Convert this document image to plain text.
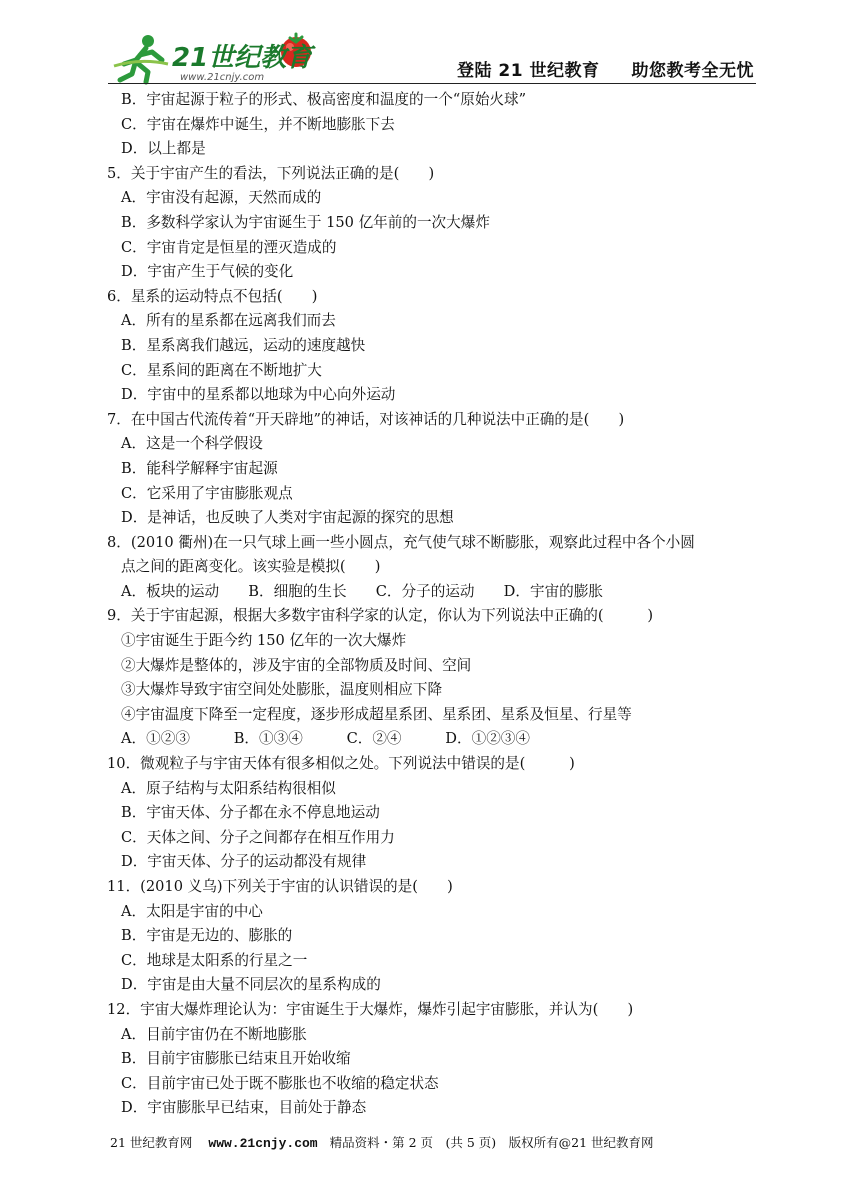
21世纪教育
www.21cnjy.com	登陆 21 世纪教育 助您教考全无忧
B．宇宙起源于粒子的形式、极高密度和温度的一个“原始火球”
C．宇宙在爆炸中诞生，并不断地膨胀下去
D．以上都是
5．关于宇宙产生的看法，下列说法正确的是(　　)
A．宇宙没有起源，天然而成的
B．多数科学家认为宇宙诞生于 150 亿年前的一次大爆炸
C．宇宙肯定是恒星的湮灭造成的
D．宇宙产生于气候的变化
6．星系的运动特点不包括(　　)
A．所有的星系都在远离我们而去
B．星系离我们越远，运动的速度越快
C．星系间的距离在不断地扩大
D．宇宙中的星系都以地球为中心向外运动
7．在中国古代流传着“开天辟地”的神话，对该神话的几种说法中正确的是(　　)
A．这是一个科学假设
B．能科学解释宇宙起源
C．它采用了宇宙膨胀观点
D．是神话，也反映了人类对宇宙起源的探究的思想
8．(2010 衢州)在一只气球上画一些小圆点，充气使气球不断膨胀，观察此过程中各个小圆
点之间的距离变化。该实验是模拟(　　)
A．板块的运动　　B．细胞的生长　　C．分子的运动　　D．宇宙的膨胀
9．关于宇宙起源，根据大多数宇宙科学家的认定，你认为下列说法中正确的(　　　)
①宇宙诞生于距今约 150 亿年的一次大爆炸
②大爆炸是整体的，涉及宇宙的全部物质及时间、空间
③大爆炸导致宇宙空间处处膨胀，温度则相应下降
④宇宙温度下降至一定程度，逐步形成超星系团、星系团、星系及恒星、行星等
A．①②③　　　B．①③④　　　C．②④　　　D．①②③④
10．微观粒子与宇宙天体有很多相似之处。下列说法中错误的是(　　　)
A．原子结构与太阳系结构很相似
B．宇宙天体、分子都在永不停息地运动
C．天体之间、分子之间都存在相互作用力
D．宇宙天体、分子的运动都没有规律
11．(2010 义乌)下列关于宇宙的认识错误的是(　　)
A．太阳是宇宙的中心
B．宇宙是无边的、膨胀的
C．地球是太阳系的行星之一
D．宇宙是由大量不同层次的星系构成的
12．宇宙大爆炸理论认为：宇宙诞生于大爆炸，爆炸引起宇宙膨胀，并认为(　　)
A．目前宇宙仍在不断地膨胀
B．目前宇宙膨胀已结束且开始收缩
C．目前宇宙已处于既不膨胀也不收缩的稳定状态
D．宇宙膨胀早已结束，目前处于静态
21 世纪教育网 www.21cnjy.com 精品资料・第 2 页　(共 5 页)　版权所有@21 世纪教育网
